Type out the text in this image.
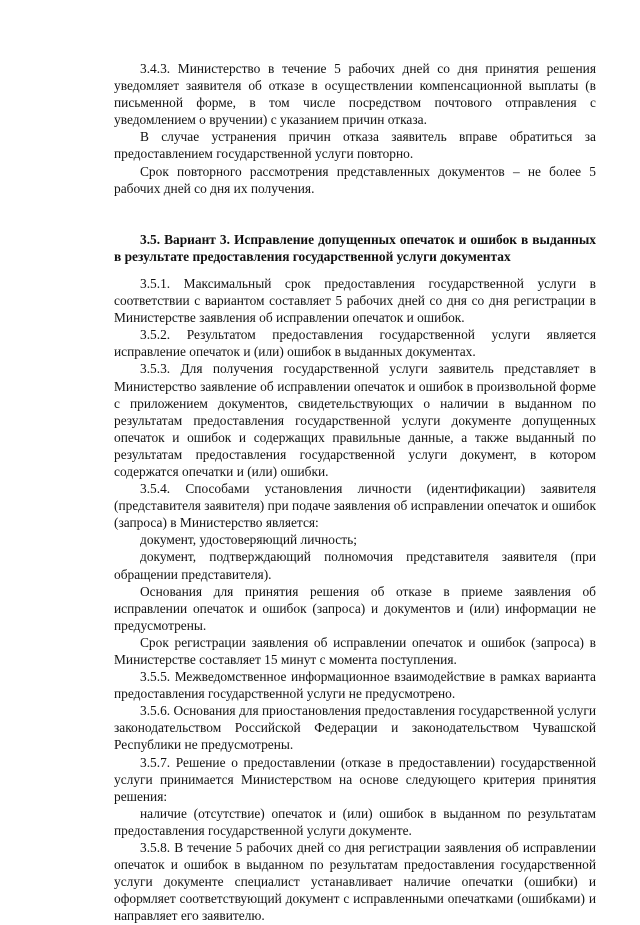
3.4.3. Министерство в течение 5 рабочих дней со дня принятия решения уведомляет заявителя об отказе в осуществлении компенсационной выплаты (в письменной форме, в том числе посредством почтового отправления с уведомлением о вручении) с указанием причин отказа.

В случае устранения причин отказа заявитель вправе обратиться за предоставлением государственной услуги повторно.

Срок повторного рассмотрения представленных документов – не более 5 рабочих дней со дня их получения.

3.5. Вариант 3. Исправление допущенных опечаток и ошибок в выданных в результате предоставления государственной услуги документах

3.5.1. Максимальный срок предоставления государственной услуги в соответствии с вариантом составляет 5 рабочих дней со дня со дня регистрации в Министерстве заявления об исправлении опечаток и ошибок.

3.5.2. Результатом предоставления государственной услуги является исправление опечаток и (или) ошибок в выданных документах.

3.5.3. Для получения государственной услуги заявитель представляет в Министерство заявление об исправлении опечаток и ошибок в произвольной форме с приложением документов, свидетельствующих о наличии в выданном по результатам предоставления государственной услуги документе допущенных опечаток и ошибок и содержащих правильные данные, а также выданный по результатам предоставления государственной услуги документ, в котором содержатся опечатки и (или) ошибки.

3.5.4. Способами установления личности (идентификации) заявителя (представителя заявителя) при подаче заявления об исправлении опечаток и ошибок (запроса) в Министерство является:

документ, удостоверяющий личность;

документ, подтверждающий полномочия представителя заявителя (при обращении представителя).

Основания для принятия решения об отказе в приеме заявления об исправлении опечаток и ошибок (запроса) и документов и (или) информации не предусмотрены.

Срок регистрации заявления об исправлении опечаток и ошибок (запроса) в Министерстве составляет 15 минут с момента поступления.

3.5.5. Межведомственное информационное взаимодействие в рамках варианта предоставления государственной услуги не предусмотрено.

3.5.6. Основания для приостановления предоставления государственной услуги законодательством Российской Федерации и законодательством Чувашской Республики не предусмотрены.

3.5.7. Решение о предоставлении (отказе в предоставлении) государственной услуги принимается Министерством на основе следующего критерия принятия решения:

наличие (отсутствие) опечаток и (или) ошибок в выданном по результатам предоставления государственной услуги документе.

3.5.8. В течение 5 рабочих дней со дня регистрации заявления об исправлении опечаток и ошибок в выданном по результатам предоставления государственной услуги документе специалист устанавливает наличие опечатки (ошибки) и оформляет соответствующий документ с исправленными опечатками (ошибками) и направляет его заявителю.
